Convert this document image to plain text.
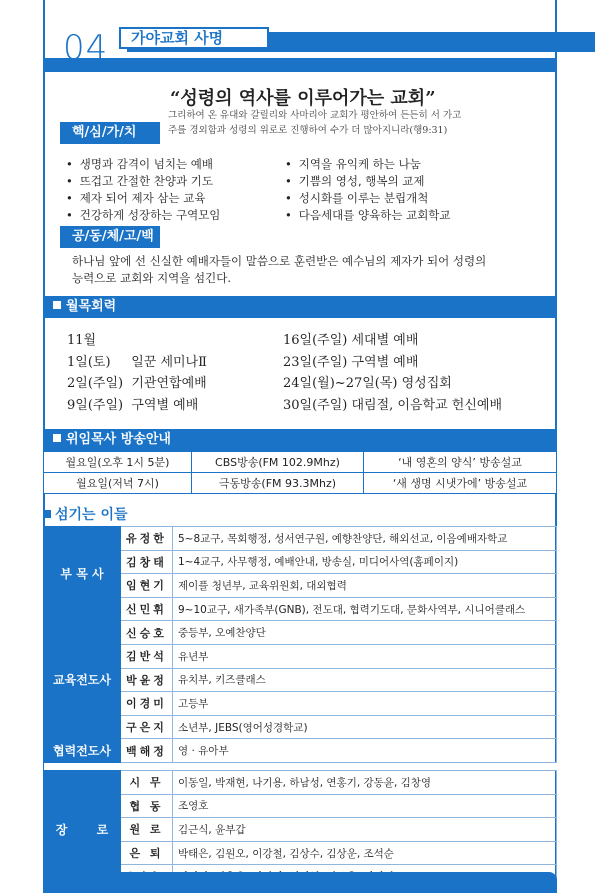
04	가야교회 사명
“성령의 역사를 이루어가는 교회”
그리하여 온 유대와 갈릴리와 사마리아 교회가 평안하여 든든히 서 가고
주를 경외함과 성령의 위로로 진행하여 수가 더 많아지니라(행9:31)
핵/심/가/치
• 생명과 감격이 넘치는 예배
• 뜨겁고 간절한 찬양과 기도
• 제자 되어 제자 삼는 교육
• 건강하게 성장하는 구역모임
• 지역을 유익케 하는 나눔
• 기쁨의 영성, 행복의 교제
• 성시화를 이루는 분립개척
• 다음세대를 양육하는 교회학교
공/동/체/고/백
하나님 앞에 선 신실한 예배자들이 말씀으로 훈련받은 예수님의 제자가 되어 성령의
능력으로 교회와 지역을 섬긴다.
월목회력
11월
1일(토)     일꾼 세미나Ⅱ
2일(주일)  기관연합예배
9일(주일)  구역별 예배
16일(주일) 세대별 예배
23일(주일) 구역별 예배
24일(월)~27일(목) 영성집회
30일(주일) 대림절, 이음학교 헌신예배
위임목사 방송안내
월요일(오후 1시 5분)	CBS방송(FM 102.9Mhz)	‘내 영혼의 양식’ 방송설교
월요일(저녁 7시)	극동방송(FM 93.3Mhz)	‘새 생명 시냇가에’ 방송설교
섬기는 이들
부 목 사	유정한	5~8교구, 목회행정, 성서연구원, 예향찬양단, 해외선교, 이음예배자학교
	김창태	1~4교구, 사무행정, 예배안내, 방송실, 미디어사역(홈페이지)
	임현기	제이플 청년부, 교육위원회, 대외협력
	신민휘	9~10교구, 새가족부(GNB), 전도대, 협력기도대, 문화사역부, 시니어클래스
교육전도사	신승호	중등부, 오예찬양단
	김반석	유년부
	박윤정	유치부, 키즈클래스
	이경미	고등부
	구은지	소년부, JEBS(영어성경학교)
협력전도사	백해정	영 · 유아부

장       로	시 무	이동일, 박재현, 나기용, 하남성, 연홍기, 강동윤, 김창영
	협 동	조영호
	원 로	김근식, 윤부갑
	은 퇴	박태은, 김원오, 이강철, 김상수, 김상운, 조석순
